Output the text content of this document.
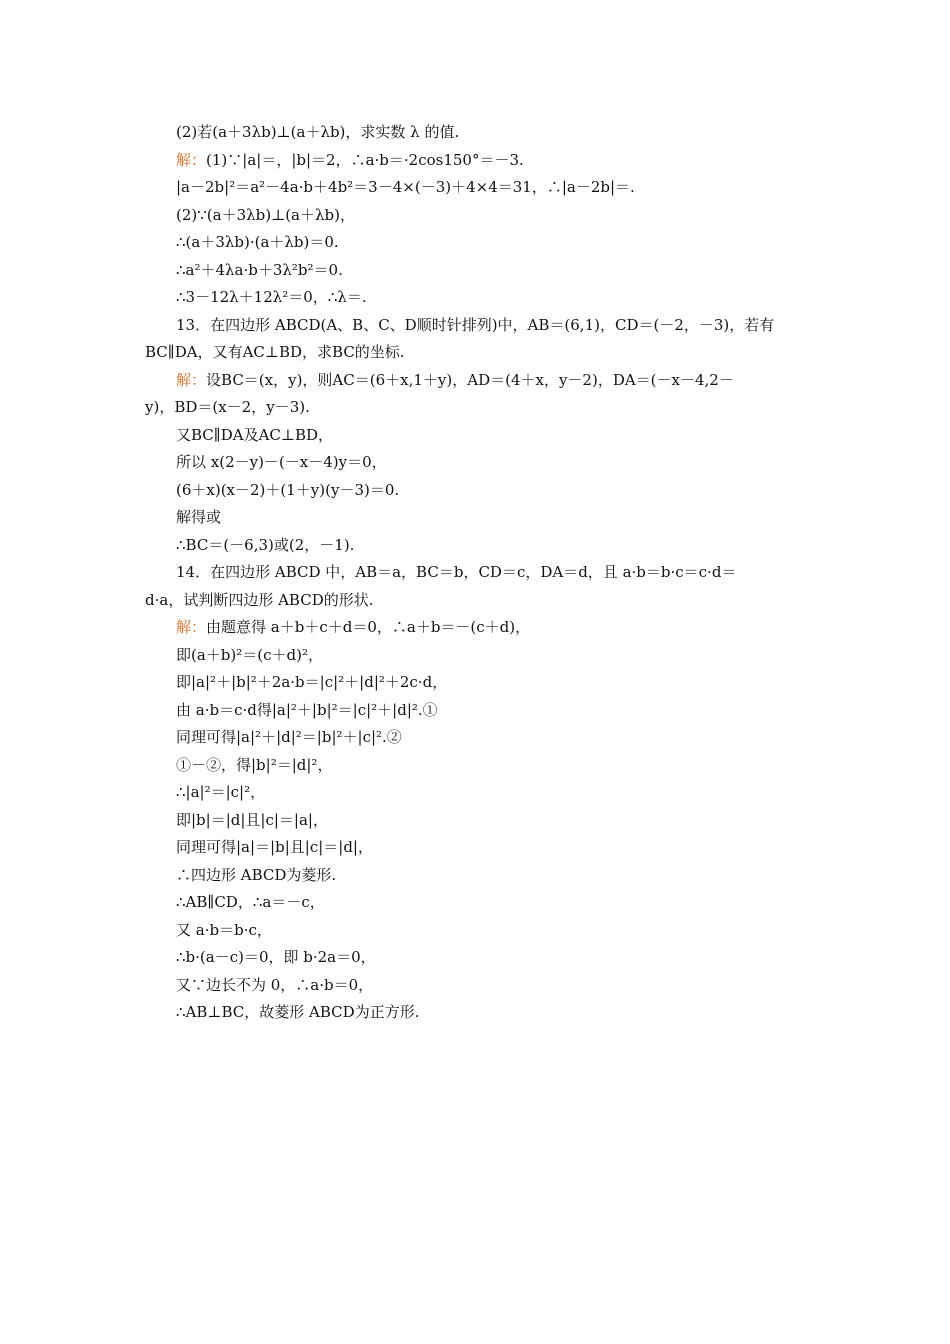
(2)若(a＋3λb)⊥(a＋λb)，求实数 λ 的值.
解：(1)∵|a|＝，|b|＝2，∴a·b＝·2cos150°＝－3.
|a－2b|²＝a²－4a·b＋4b²＝3－4×(－3)＋4×4＝31，∴|a－2b|＝.
(2)∵(a＋3λb)⊥(a＋λb)，
∴(a＋3λb)·(a＋λb)＝0.
∴a²＋4λa·b＋3λ²b²＝0.
∴3－12λ＋12λ²＝0，∴λ＝.
13．在四边形 ABCD(A、B、C、D顺时针排列)中，AB＝(6,1)，CD＝(－2，－3)，若有
BC∥DA，又有AC⊥BD，求BC的坐标.
解：设BC＝(x，y)，则AC＝(6＋x,1＋y)，AD＝(4＋x，y－2)，DA＝(－x－4,2－
y)，BD＝(x－2，y－3).
又BC∥DA及AC⊥BD，
所以 x(2－y)－(－x－4)y＝0，
(6＋x)(x－2)＋(1＋y)(y－3)＝0.
解得或
∴BC＝(－6,3)或(2，－1).
14．在四边形 ABCD 中，AB＝a，BC＝b，CD＝c，DA＝d，且 a·b＝b·c＝c·d＝
d·a，试判断四边形 ABCD的形状.
解：由题意得 a＋b＋c＋d＝0，∴a＋b＝－(c＋d)，
即(a＋b)²＝(c＋d)²，
即|a|²＋|b|²＋2a·b＝|c|²＋|d|²＋2c·d，
由 a·b＝c·d得|a|²＋|b|²＝|c|²＋|d|².①
同理可得|a|²＋|d|²＝|b|²＋|c|².②
①－②，得|b|²＝|d|²，
∴|a|²＝|c|²，
即|b|＝|d|且|c|＝|a|，
同理可得|a|＝|b|且|c|＝|d|，
∴四边形 ABCD为菱形.
∴AB∥CD，∴a＝－c，
又 a·b＝b·c，
∴b·(a－c)＝0，即 b·2a＝0，
又∵边长不为 0，∴a·b＝0，
∴AB⊥BC，故菱形 ABCD为正方形.
